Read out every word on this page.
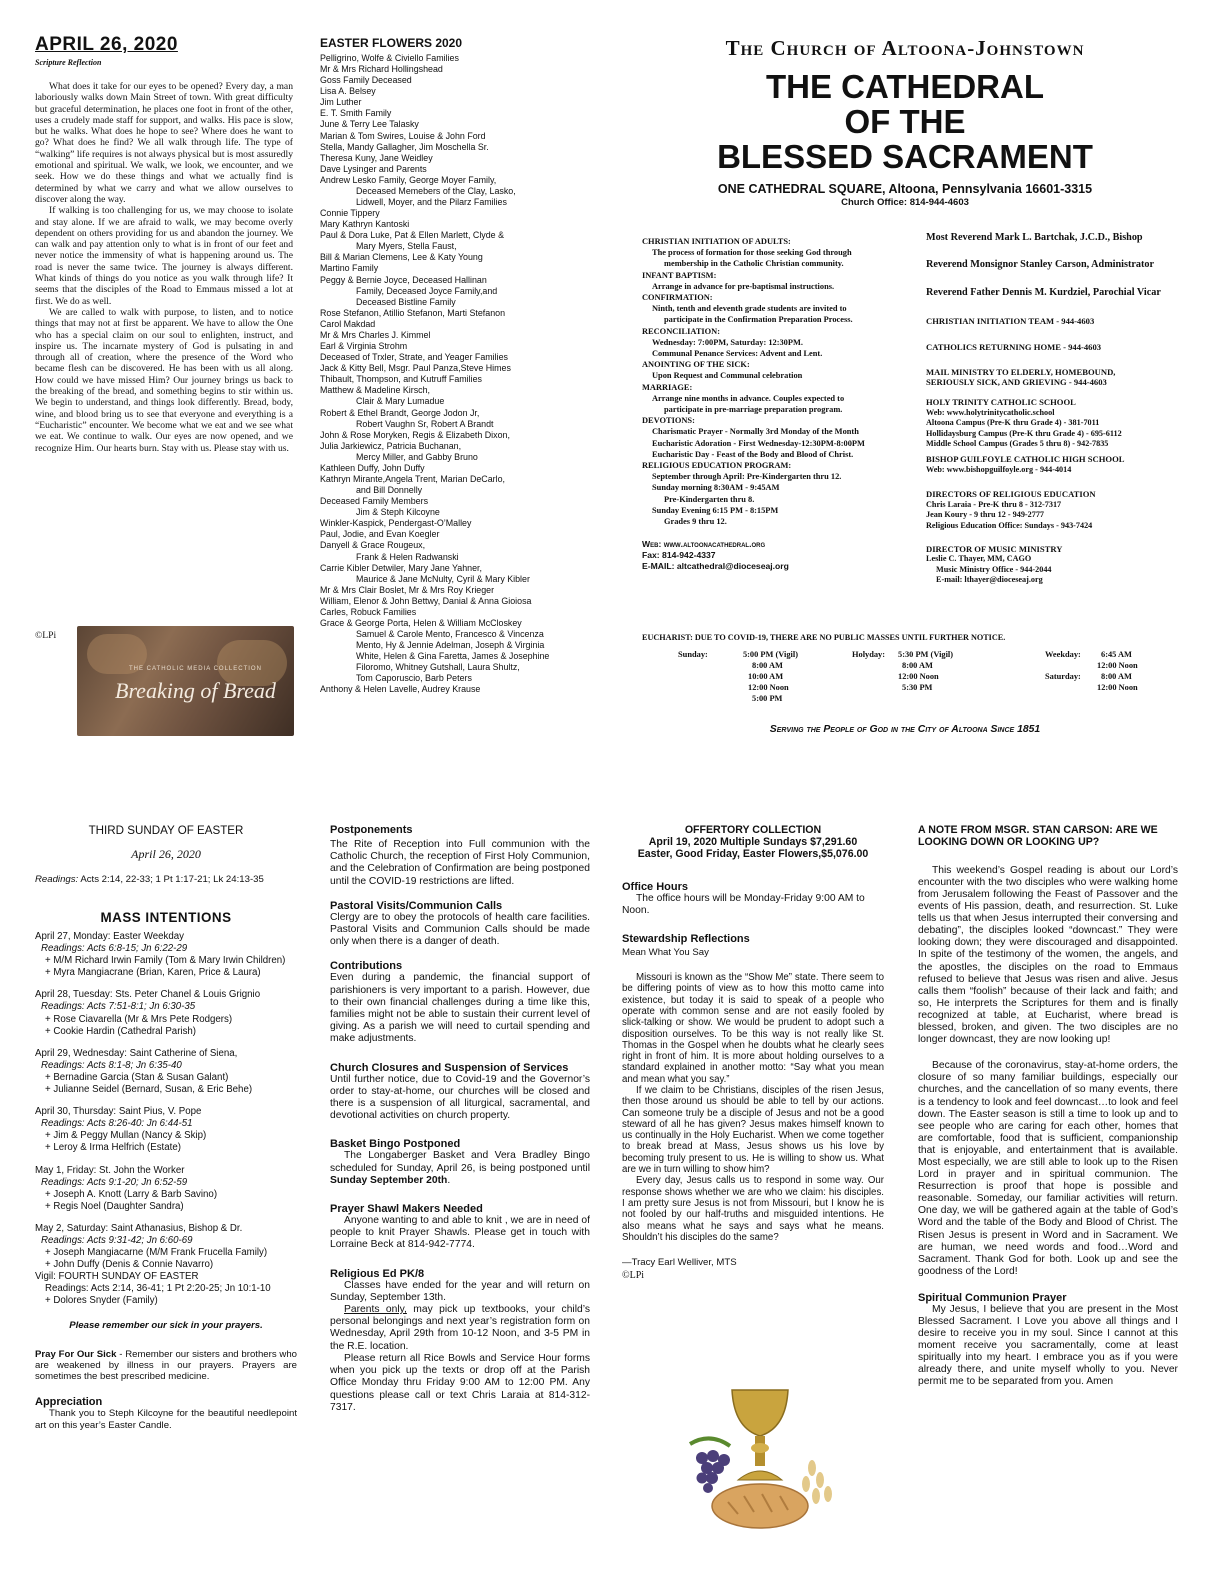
APRIL 26, 2020
Scripture Reflection

What does it take for our eyes to be opened? Every day, a man laboriously walks down Main Street of town. With great difficulty but graceful determination, he places one foot in front of the other, uses a crudely made staff for support, and walks. His pace is slow, but he walks. What does he hope to see? Where does he want to go? What does he find? We all walk through life. The type of “walking” life requires is not always physical but is most assuredly emotional and spiritual. We walk, we look, we encounter, and we seek. How we do these things and what we actually find is determined by what we carry and what we allow ourselves to discover along the way.

If walking is too challenging for us, we may choose to isolate and stay alone. If we are afraid to walk, we may become overly dependent on others providing for us and abandon the journey. We can walk and pay attention only to what is in front of our feet and never notice the immensity of what is happening around us. The road is never the same twice. The journey is always different. What kinds of things do you notice as you walk through life? It seems that the disciples of the Road to Emmaus missed a lot at first. We do as well.

We are called to walk with purpose, to listen, and to notice things that may not at first be apparent. We have to allow the One who has a special claim on our soul to enlighten, instruct, and inspire us. The incarnate mystery of God is pulsating in and through all of creation, where the presence of the Word who became flesh can be discovered. He has been with us all along. How could we have missed Him? Our journey brings us back to the breaking of the bread, and something begins to stir within us. We begin to understand, and things look differently. Bread, body, wine, and blood bring us to see that everyone and everything is a “Eucharistic” encounter. We become what we eat and we see what we eat. We continue to walk. Our eyes are now opened, and we recognize Him. Our hearts burn. Stay with us. Please stay with us.

©LPi
THE CATHOLIC MEDIA COLLECTION
Breaking of Bread
EASTER FLOWERS 2020
Pelligrino, Wolfe & Civiello Families
Mr & Mrs Richard Hollingshead
Goss Family Deceased
Lisa A. Belsey
Jim Luther
E. T. Smith Family
June & Terry Lee Talasky
Marian & Tom Swires, Louise & John Ford
Stella, Mandy Gallagher, Jim Moschella Sr.
Theresa Kuny, Jane Weidley
Dave Lysinger and Parents
Andrew Lesko Family, George Moyer Family,
Deceased Memebers of the Clay, Lasko,
Lidwell, Moyer, and the Pilarz Families
Connie Tippery
Mary Kathryn Kantoski
Paul & Dora Luke, Pat & Ellen Marlett, Clyde &
Mary Myers, Stella Faust,
Bill & Marian Clemens, Lee & Katy Young
Martino Family
Peggy & Bernie Joyce, Deceased Hallinan
Family, Deceased Joyce Family,and
Deceased Bistline Family
Rose Stefanon, Atillio Stefanon, Marti Stefanon
Carol Makdad
Mr & Mrs Charles J. Kimmel
Earl & Virginia Strohm
Deceased of Trxler, Strate, and Yeager Families
Jack & Kitty Bell, Msgr. Paul Panza,Steve Himes
Thibault, Thompson, and Kutruff Families
Matthew & Madeline Kirsch,
Clair & Mary Lumadue
Robert & Ethel Brandt, George Jodon Jr,
Robert Vaughn Sr, Robert A Brandt
John & Rose Moryken, Regis & Elizabeth Dixon,
Julia Jarkiewicz, Patricia Buchanan,
Mercy Miller, and Gabby Bruno
Kathleen Duffy, John Duffy
Kathryn Mirante,Angela Trent, Marian DeCarlo,
and Bill Donnelly
Deceased Family Members
Jim & Steph Kilcoyne
Winkler-Kaspick, Pendergast-O’Malley
Paul, Jodie, and Evan Koegler
Danyell & Grace Rougeux,
Frank & Helen Radwanski
Carrie Kibler Detwiler, Mary Jane Yahner,
Maurice & Jane McNulty, Cyril & Mary Kibler
Mr & Mrs Clair Boslet, Mr & Mrs Roy Krieger
William, Elenor & John Bettwy, Danial & Anna Gioiosa
Carles, Robuck Families
Grace & George Porta, Helen & William McCloskey
Samuel & Carole Mento, Francesco & Vincenza
Mento, Hy & Jennie Adelman, Joseph & Virginia
White, Helen & Gina Faretta, James & Josephine
Filoromo, Whitney Gutshall, Laura Shultz,
Tom Caporuscio, Barb Peters
Anthony & Helen Lavelle, Audrey Krause
The Church of Altoona-Johnstown
THE CATHEDRAL
OF THE
BLESSED SACRAMENT
ONE CATHEDRAL SQUARE, Altoona, Pennsylvania 16601-3315
Church Office: 814-944-4603
CHRISTIAN INITIATION OF ADULTS:
The process of formation for those seeking God through
membership in the Catholic Christian community.
INFANT BAPTISM:
Arrange in advance for pre-baptismal instructions.
CONFIRMATION:
Ninth, tenth and eleventh grade students are invited to
participate in the Confirmation Preparation Process.
RECONCILIATION:
Wednesday: 7:00PM, Saturday: 12:30PM.
Communal Penance Services: Advent and Lent.
ANOINTING OF THE SICK:
Upon Request and Communal celebration
MARRIAGE:
Arrange nine months in advance. Couples expected to
participate in pre-marriage preparation program.
DEVOTIONS:
Charismatic Prayer - Normally 3rd Monday of the Month
Eucharistic Adoration - First Wednesday-12:30PM-8:00PM
Eucharistic Day - Feast of the Body and Blood of Christ.
RELIGIOUS EDUCATION PROGRAM:
September through April: Pre-Kindergarten thru 12.
Sunday morning 8:30AM - 9:45AM
Pre-Kindergarten thru 8.
Sunday Evening 6:15 PM - 8:15PM
Grades 9 thru 12.
Web: www.altoonacathedral.org
Fax: 814-942-4337
E-MAIL: altcathedral@dioceseaj.org
Most Reverend Mark L. Bartchak, J.C.D., Bishop
Reverend Monsignor Stanley Carson, Administrator
Reverend Father Dennis M. Kurdziel, Parochial Vicar
CHRISTIAN INITIATION TEAM - 944-4603
CATHOLICS RETURNING HOME - 944-4603
MAIL MINISTRY TO ELDERLY, HOMEBOUND,
SERIOUSLY SICK, AND GRIEVING - 944-4603
HOLY TRINITY CATHOLIC SCHOOL
Web: www.holytrinitycatholic.school
Altoona Campus (Pre-K thru Grade 4) - 381-7011
Hollidaysburg Campus (Pre-K thru Grade 4) - 695-6112
Middle School Campus (Grades 5 thru 8) - 942-7835
BISHOP GUILFOYLE CATHOLIC HIGH SCHOOL
Web: www.bishopguilfoyle.org - 944-4014
DIRECTORS OF RELIGIOUS EDUCATION
Chris Laraia - Pre-K thru 8 - 312-7317
Jean Koury - 9 thru 12 - 949-2777
Religious Education Office: Sundays - 943-7424
DIRECTOR OF MUSIC MINISTRY
Leslie C. Thayer, MM, CAGO
Music Ministry Office - 944-2044
E-mail: lthayer@dioceseaj.org
EUCHARIST: DUE TO COVID-19, THERE ARE NO PUBLIC MASSES UNTIL FURTHER NOTICE.
Sunday:	5:00 PM (Vigil)
8:00 AM
10:00 AM
12:00 Noon
5:00 PM
Holyday:	5:30 PM (Vigil)
8:00 AM
12:00 Noon
5:30 PM
Weekday:	6:45 AM
12:00 Noon
Saturday:	8:00 AM
12:00 Noon
Serving the People of God in the City of Altoona Since 1851
THIRD SUNDAY OF EASTER
April 26, 2020
Readings: Acts 2:14, 22-33; 1 Pt 1:17-21; Lk 24:13-35
MASS INTENTIONS
April 27, Monday: Easter Weekday
Readings: Acts 6:8-15; Jn 6:22-29
+ M/M Richard Irwin Family (Tom & Mary Irwin Children)
+ Myra Mangiacrane (Brian, Karen, Price & Laura)
April 28, Tuesday: Sts. Peter Chanel & Louis Grignio
Readings: Acts 7:51-8:1; Jn 6:30-35
+ Rose Ciavarella (Mr & Mrs Pete Rodgers)
+ Cookie Hardin (Cathedral Parish)
April 29, Wednesday: Saint Catherine of Siena,
Readings: Acts 8:1-8; Jn 6:35-40
+ Bernadine Garcia (Stan & Susan Galant)
+ Julianne Seidel (Bernard, Susan, & Eric Behe)
April 30, Thursday: Saint Pius, V. Pope
Readings: Acts 8:26-40: Jn 6:44-51
+ Jim & Peggy Mullan (Nancy & Skip)
+ Leroy & Irma Helfrich (Estate)
May 1, Friday: St. John the Worker
Readings: Acts 9:1-20; Jn 6:52-59
+ Joseph A. Knott (Larry & Barb Savino)
+ Regis Noel (Daughter Sandra)
May 2, Saturday: Saint Athanasius, Bishop & Dr.
Readings: Acts 9:31-42; Jn 6:60-69
+ Joseph Mangiacarne (M/M Frank Frucella Family)
+ John Duffy (Denis & Connie Navarro)
Vigil: FOURTH SUNDAY OF EASTER
Readings: Acts 2:14, 36-41; 1 Pt 2:20-25; Jn 10:1-10
+ Dolores Snyder (Family)
Please remember our sick in your prayers.

Pray For Our Sick - Remember our sisters and brothers who are weakened by illness in our prayers. Prayers are sometimes the best prescribed medicine.

Appreciation

Thank you to Steph Kilcoyne for the beautiful needlepoint art on this year’s Easter Candle.

Postponements

The Rite of Reception into Full communion with the Catholic Church, the reception of First Holy Communion, and the Celebration of Confirmation are being postponed until the COVID-19 restrictions are lifted.

Pastoral Visits/Communion Calls

Clergy are to obey the protocols of health care facilities. Pastoral Visits and Communion Calls should be made only when there is a danger of death.

Contributions

Even during a pandemic, the financial support of parishioners is very important to a parish. However, due to their own financial challenges during a time like this, families might not be able to sustain their current level of giving. As a parish we will need to curtail spending and make adjustments.

Church Closures and Suspension of Services

Until further notice, due to Covid-19 and the Governor’s order to stay-at-home, our churches will be closed and there is a suspension of all liturgical, sacramental, and devotional activities on church property.

Basket Bingo Postponed

The Longaberger Basket and Vera Bradley Bingo scheduled for Sunday, April 26, is being postponed until Sunday September 20th.

Prayer Shawl Makers Needed

Anyone wanting to and able to knit , we are in need of people to knit Prayer Shawls. Please get in touch with Lorraine Beck at 814-942-7774.

Religious Ed PK/8

Classes have ended for the year and will return on Sunday, September 13th.

Parents only, may pick up textbooks, your child’s personal belongings and next year’s registration form on Wednesday, April 29th from 10-12 Noon, and 3-5 PM in the R.E. location.

Please return all Rice Bowls and Service Hour forms when you pick up the texts or drop off at the Parish Office Monday thru Friday 9:00 AM to 12:00 PM. Any questions please call or text Chris Laraia at 814-312-7317.

OFFERTORY COLLECTION
April 19, 2020 Multiple Sundays $7,291.60
Easter, Good Friday, Easter Flowers,$5,076.00
Office Hours

The office hours will be Monday-Friday 9:00 AM to Noon.

Stewardship Reflections
Mean What You Say

Missouri is known as the “Show Me” state. There seem to be differing points of view as to how this motto came into existence, but today it is said to speak of a people who operate with common sense and are not easily fooled by slick-talking or show. We would be prudent to adopt such a disposition ourselves. To be this way is not really like St. Thomas in the Gospel when he doubts what he clearly sees right in front of him. It is more about holding ourselves to a standard explained in another motto: “Say what you mean and mean what you say.”

If we claim to be Christians, disciples of the risen Jesus, then those around us should be able to tell by our actions. Can someone truly be a disciple of Jesus and not be a good steward of all he has given? Jesus makes himself known to us continually in the Holy Eucharist. When we come together to break bread at Mass, Jesus shows us his love by becoming truly present to us. He is willing to show us. What are we in turn willing to show him?

Every day, Jesus calls us to respond in some way. Our response shows whether we are who we claim: his disciples. I am pretty sure Jesus is not from Missouri, but I know he is not fooled by our half-truths and misguided intentions. He also means what he says and says what he means. Shouldn’t his disciples do the same?

—Tracy Earl Welliver, MTS
©LPi
A NOTE FROM MSGR. STAN CARSON: ARE WE LOOKING DOWN OR LOOKING UP?

This weekend’s Gospel reading is about our Lord’s encounter with the two disciples who were walking home from Jerusalem following the Feast of Passover and the events of His passion, death, and resurrection. St. Luke tells us that when Jesus interrupted their conversing and debating”, the disciples looked “downcast.” They were looking down; they were discouraged and disappointed. In spite of the testimony of the women, the angels, and the apostles, the disciples on the road to Emmaus refused to believe that Jesus was risen and alive. Jesus calls them “foolish” because of their lack and faith; and so, He interprets the Scriptures for them and is finally recognized at table, at Eucharist, where bread is blessed, broken, and given. The two disciples are no longer downcast, they are now looking up!

Because of the coronavirus, stay-at-home orders, the closure of so many familiar buildings, especially our churches, and the cancellation of so many events, there is a tendency to look and feel downcast…to look and feel down. The Easter season is still a time to look up and to see people who are caring for each other, homes that are comfortable, food that is sufficient, companionship that is enjoyable, and entertainment that is available. Most especially, we are still able to look up to the Risen Lord in prayer and in spiritual communion. The Resurrection is proof that hope is possible and reasonable. Someday, our familiar activities will return. One day, we will be gathered again at the table of God’s Word and the table of the Body and Blood of Christ. The Risen Jesus is present in Word and in Sacrament. We are human, we need words and food…Word and Sacrament. Thank God for both. Look up and see the goodness of the Lord!

Spiritual Communion Prayer

My Jesus, I believe that you are present in the Most Blessed Sacrament. I Love you above all things and I desire to receive you in my soul. Since I cannot at this moment receive you sacramentally, come at least spiritually into my heart. I embrace you as if you were already there, and unite myself wholly to you. Never permit me to be separated from you. Amen
